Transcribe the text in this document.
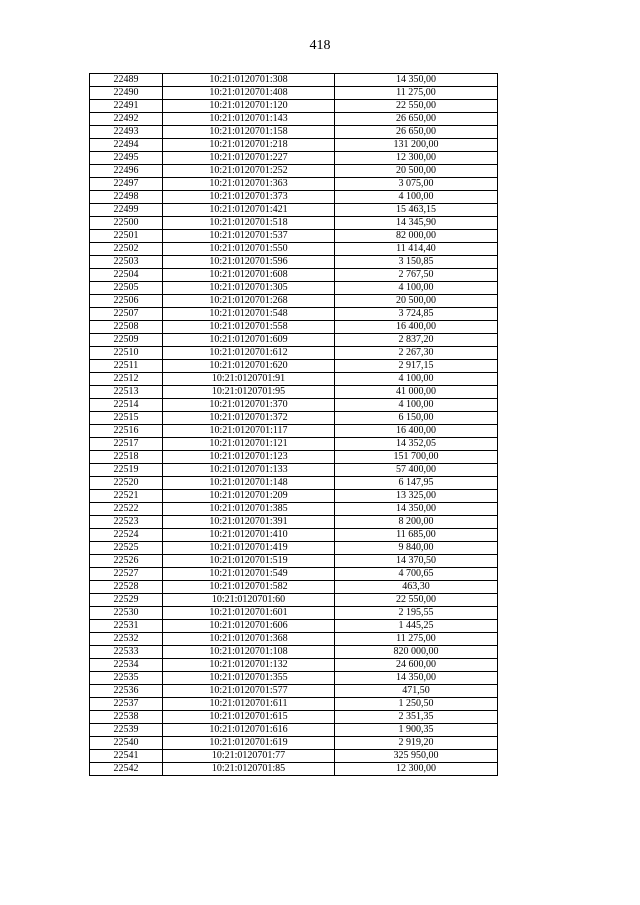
418
22489	10:21:0120701:308	14 350,00
22490	10:21:0120701:408	11 275,00
22491	10:21:0120701:120	22 550,00
22492	10:21:0120701:143	26 650,00
22493	10:21:0120701:158	26 650,00
22494	10:21:0120701:218	131 200,00
22495	10:21:0120701:227	12 300,00
22496	10:21:0120701:252	20 500,00
22497	10:21:0120701:363	3 075,00
22498	10:21:0120701:373	4 100,00
22499	10:21:0120701:421	15 463,15
22500	10:21:0120701:518	14 345,90
22501	10:21:0120701:537	82 000,00
22502	10:21:0120701:550	11 414,40
22503	10:21:0120701:596	3 150,85
22504	10:21:0120701:608	2 767,50
22505	10:21:0120701:305	4 100,00
22506	10:21:0120701:268	20 500,00
22507	10:21:0120701:548	3 724,85
22508	10:21:0120701:558	16 400,00
22509	10:21:0120701:609	2 837,20
22510	10:21:0120701:612	2 267,30
22511	10:21:0120701:620	2 917,15
22512	10:21:0120701:91	4 100,00
22513	10:21:0120701:95	41 000,00
22514	10:21:0120701:370	4 100,00
22515	10:21:0120701:372	6 150,00
22516	10:21:0120701:117	16 400,00
22517	10:21:0120701:121	14 352,05
22518	10:21:0120701:123	151 700,00
22519	10:21:0120701:133	57 400,00
22520	10:21:0120701:148	6 147,95
22521	10:21:0120701:209	13 325,00
22522	10:21:0120701:385	14 350,00
22523	10:21:0120701:391	8 200,00
22524	10:21:0120701:410	11 685,00
22525	10:21:0120701:419	9 840,00
22526	10:21:0120701:519	14 370,50
22527	10:21:0120701:549	4 700,65
22528	10:21:0120701:582	463,30
22529	10:21:0120701:60	22 550,00
22530	10:21:0120701:601	2 195,55
22531	10:21:0120701:606	1 445,25
22532	10:21:0120701:368	11 275,00
22533	10:21:0120701:108	820 000,00
22534	10:21:0120701:132	24 600,00
22535	10:21:0120701:355	14 350,00
22536	10:21:0120701:577	471,50
22537	10:21:0120701:611	1 250,50
22538	10:21:0120701:615	2 351,35
22539	10:21:0120701:616	1 900,35
22540	10:21:0120701:619	2 919,20
22541	10:21:0120701:77	325 950,00
22542	10:21:0120701:85	12 300,00
